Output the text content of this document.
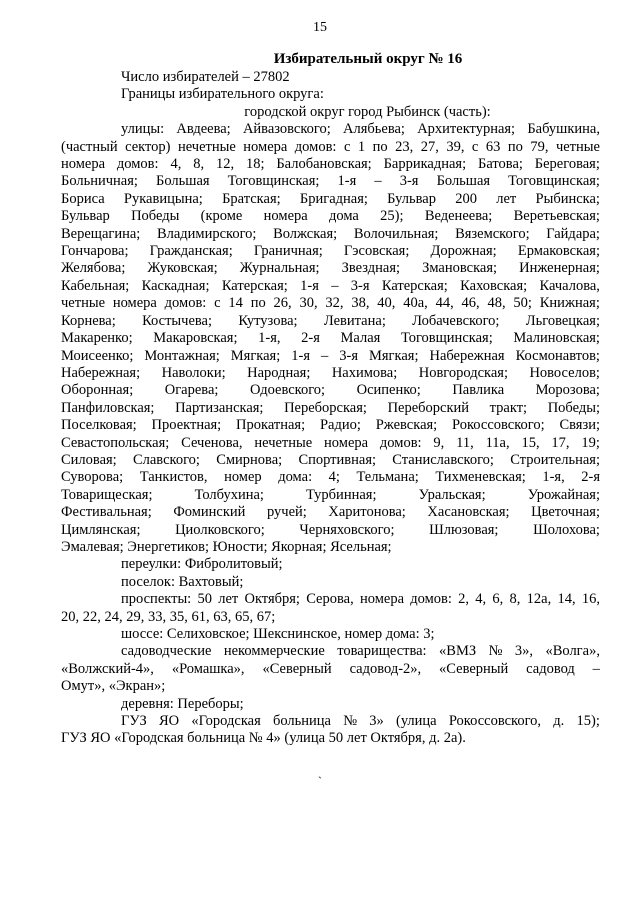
15
Избирательный округ № 16
Число избирателей – 27802
Границы избирательного округа:
городской округ город Рыбинск (часть):
улицы: Авдеева; Айвазовского; Алябьева; Архитектурная; Бабушкина,
(частный сектор) нечетные номера домов: с 1 по 23, 27, 39, с 63 по 79, четные
номера домов: 4, 8, 12, 18; Балобановская; Баррикадная; Батова; Береговая;
Больничная; Большая Тоговщинская; 1-я – 3-я Большая Тоговщинская;
Бориса Рукавицына; Братская; Бригадная; Бульвар 200 лет Рыбинска;
Бульвар Победы (кроме номера дома 25); Веденеева; Веретьевская;
Верещагина; Владимирского; Волжская; Волочильная; Вяземского; Гайдара;
Гончарова; Гражданская; Граничная; Гэсовская; Дорожная; Ермаковская;
Желябова; Жуковская; Журнальная; Звездная; Змановская; Инженерная;
Кабельная; Каскадная; Катерская; 1-я – 3-я Катерская; Каховская; Качалова,
четные номера домов: с 14 по 26, 30, 32, 38, 40, 40а, 44, 46, 48, 50; Книжная;
Корнева; Костычева; Кутузова; Левитана; Лобачевского; Льговецкая;
Макаренко; Макаровская; 1-я, 2-я Малая Тоговщинская; Малиновская;
Моисеенко; Монтажная; Мягкая; 1-я – 3-я Мягкая; Набережная Космонавтов;
Набережная; Наволоки; Народная; Нахимова; Новгородская; Новоселов;
Оборонная; Огарева; Одоевского; Осипенко; Павлика Морозова;
Панфиловская; Партизанская; Переборская; Переборский тракт; Победы;
Поселковая; Проектная; Прокатная; Радио; Ржевская; Рокоссовского; Связи;
Севастопольская; Сеченова, нечетные номера домов: 9, 11, 11а, 15, 17, 19;
Силовая; Славского; Смирнова; Спортивная; Станиславского; Строительная;
Суворова; Танкистов, номер дома: 4; Тельмана; Тихменевская; 1-я, 2-я
Товарищеская;	Толбухина;	Турбинная;	Уральская;	Урожайная;
Фестивальная; Фоминский ручей; Харитонова; Хасановская; Цветочная;
Цимлянская; Циолковского; Черняховского; Шлюзовая; Шолохова;
Эмалевая; Энергетиков; Юности; Якорная; Ясельная;
переулки: Фибролитовый;
поселок: Вахтовый;
проспекты: 50 лет Октября; Серова, номера домов: 2, 4, 6, 8, 12а, 14, 16,
20, 22, 24, 29, 33, 35, 61, 63, 65, 67;
шоссе: Селиховское; Шекснинское, номер дома: 3;
садоводческие некоммерческие товарищества: «ВМЗ № 3», «Волга»,
«Волжский-4», «Ромашка», «Северный садовод-2», «Северный садовод –
Омут», «Экран»;
деревня: Переборы;
ГУЗ ЯО «Городская больница № 3» (улица Рокоссовского, д. 15);
ГУЗ ЯО «Городская больница № 4» (улица 50 лет Октября, д. 2а).
ˎ
